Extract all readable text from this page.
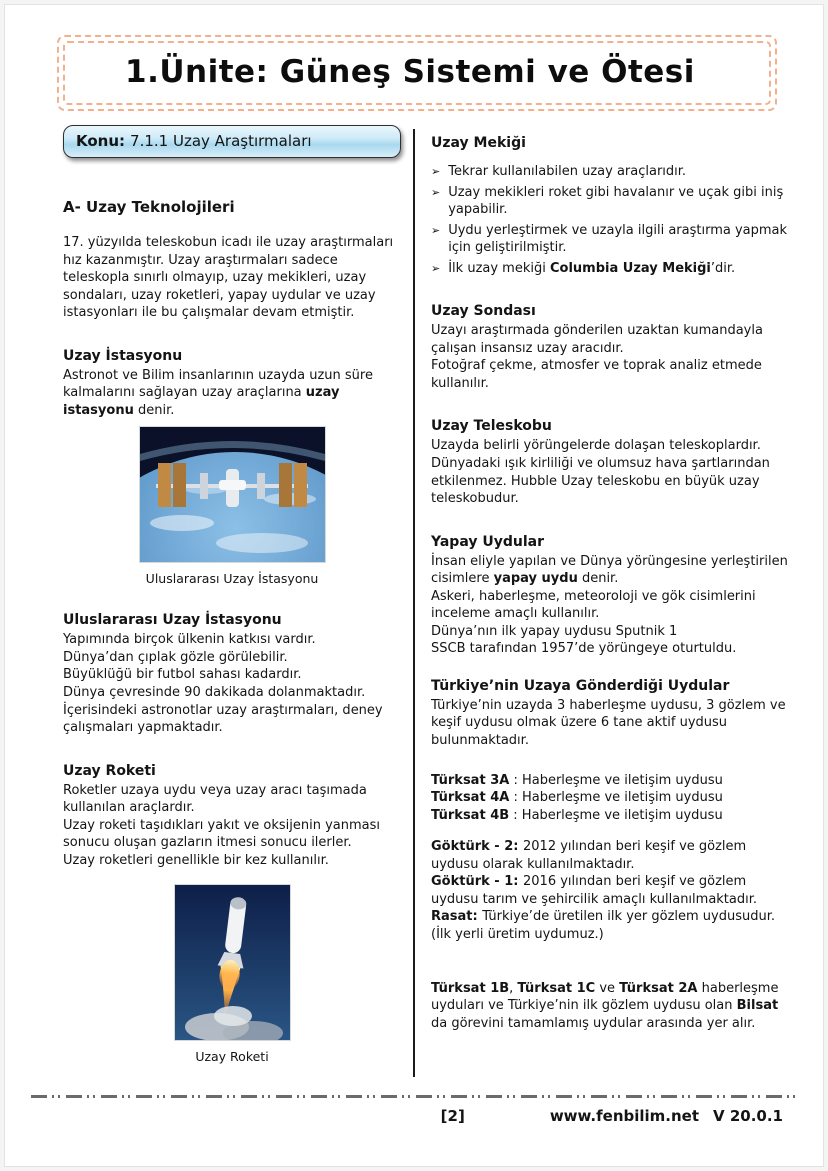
1.Ünite: Güneş Sistemi ve Ötesi
Konu: 7.1.1 Uzay Araştırmaları
A- Uzay Teknolojileri

17. yüzyılda teleskobun icadı ile uzay araştırmaları hız kazanmıştır. Uzay araştırmaları sadece teleskopla sınırlı olmayıp, uzay mekikleri, uzay sondaları, uzay roketleri, yapay uydular ve uzay istasyonları ile bu çalışmalar devam etmiştir.

Uzay İstasyonu

Astronot ve Bilim insanlarının uzayda uzun süre kalmalarını sağlayan uzay araçlarına uzay istasyonu denir.

Uluslararası Uzay İstasyonu
Uluslararası Uzay İstasyonu
Yapımında birçok ülkenin katkısı vardır.
Dünya’dan çıplak gözle görülebilir.
Büyüklüğü bir futbol sahası kadardır.
Dünya çevresinde 90 dakikada dolanmaktadır.
İçerisindeki astronotlar uzay araştırmaları, deney çalışmaları yapmaktadır.
Uzay Roketi
Roketler uzaya uydu veya uzay aracı taşımada kullanılan araçlardır.
Uzay roketi taşıdıkları yakıt ve oksijenin yanması sonucu oluşan gazların itmesi sonucu ilerler.
Uzay roketleri genellikle bir kez kullanılır.
Uzay Roketi
Uzay Mekiği
➢ Tekrar kullanılabilen uzay araçlarıdır.
➢ Uzay mekikleri roket gibi havalanır ve uçak gibi iniş yapabilir.
➢ Uydu yerleştirmek ve uzayla ilgili araştırma yapmak için geliştirilmiştir.
➢ İlk uzay mekiği Columbia Uzay Mekiği’dir.
Uzay Sondası
Uzayı araştırmada gönderilen uzaktan kumandayla çalışan insansız uzay aracıdır.
Fotoğraf çekme, atmosfer ve toprak analiz etmede kullanılır.
Uzay Teleskobu
Uzayda belirli yörüngelerde dolaşan teleskoplardır.
Dünyadaki ışık kirliliği ve olumsuz hava şartlarından etkilenmez. Hubble Uzay teleskobu en büyük uzay teleskobudur.
Yapay Uydular
İnsan eliyle yapılan ve Dünya yörüngesine yerleştirilen cisimlere yapay uydu denir.
Askeri, haberleşme, meteoroloji ve gök cisimlerini inceleme amaçlı kullanılır.
Dünya’nın ilk yapay uydusu Sputnik 1
SSCB tarafından 1957’de yörüngeye oturtuldu.
Türkiye’nin Uzaya Gönderdiği Uydular

Türkiye’nin uzayda 3 haberleşme uydusu, 3 gözlem ve keşif uydusu olmak üzere 6 tane aktif uydusu bulunmaktadır.

Türksat 3A : Haberleşme ve iletişim uydusu
Türksat 4A : Haberleşme ve iletişim uydusu
Türksat 4B : Haberleşme ve iletişim uydusu
Göktürk - 2: 2012 yılından beri keşif ve gözlem uydusu olarak kullanılmaktadır.
Göktürk - 1: 2016 yılından beri keşif ve gözlem uydusu tarım ve şehircilik amaçlı kullanılmaktadır.
Rasat: Türkiye’de üretilen ilk yer gözlem uydusudur.(İlk yerli üretim uydumuz.)

Türksat 1B, Türksat 1C ve Türksat 2A haberleşme uyduları ve Türkiye’nin ilk gözlem uydusu olan Bilsat da görevini tamamlamış uydular arasında yer alır.

[2]	www.fenbilim.net V 20.0.1
